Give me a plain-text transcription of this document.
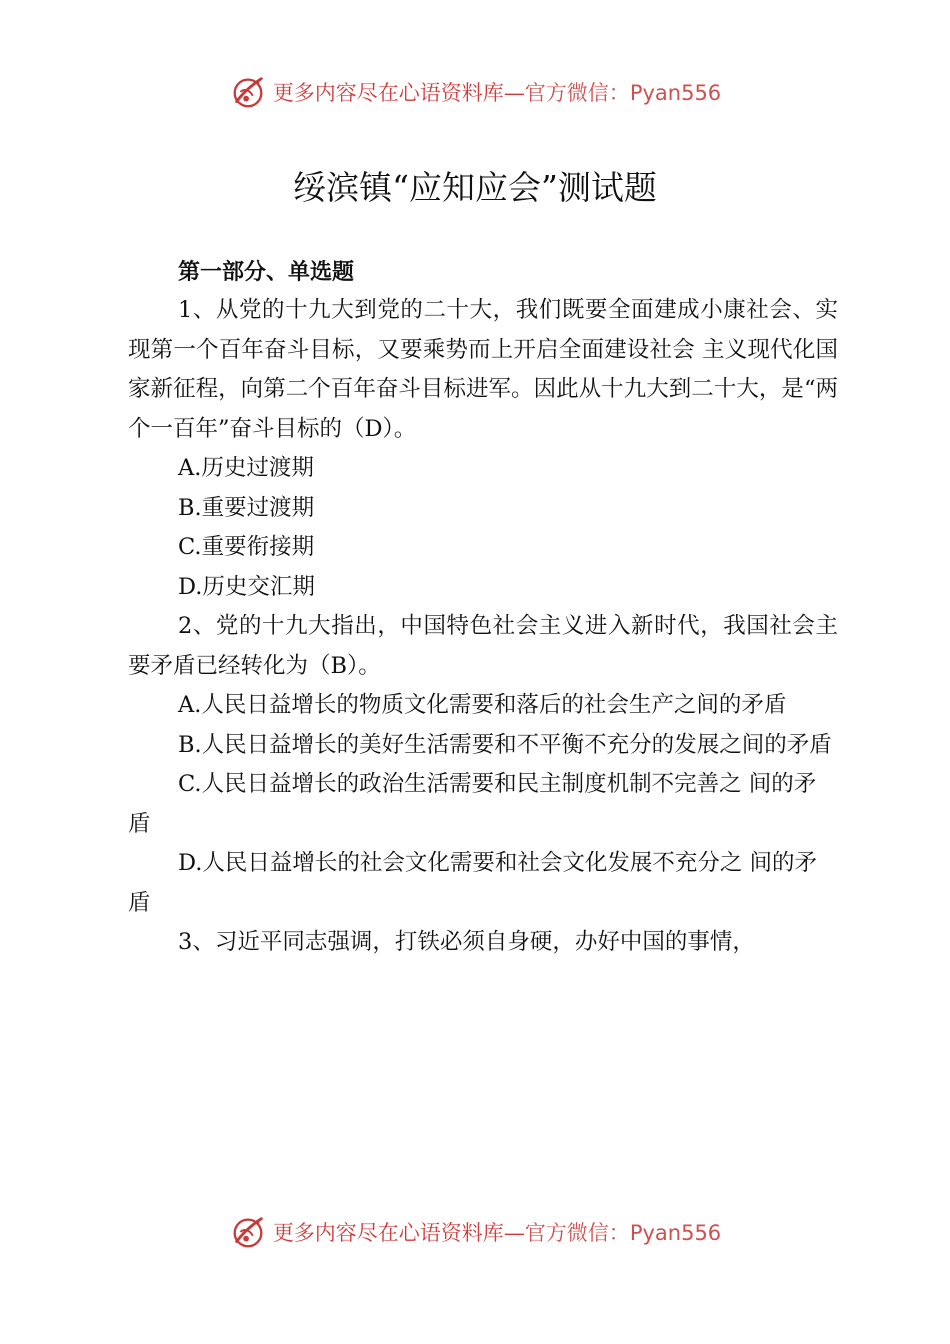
更多内容尽在心语资料库—官方微信：Pyan556
绥滨镇“应知应会”测试题

第一部分、单选题

1、从党的十九大到党的二十大，我们既要全面建成小康社会、实现第一个百年奋斗目标，又要乘势而上开启全面建设社会 主义现代化国家新征程，向第二个百年奋斗目标进军。因此从十九大到二十大，是“两个一百年”奋斗目标的（D）。

A.历史过渡期

B.重要过渡期

C.重要衔接期

D.历史交汇期

2、党的十九大指出，中国特色社会主义进入新时代，我国社会主要矛盾已经转化为（B）。

A.人民日益增长的物质文化需要和落后的社会生产之间的矛盾

B.人民日益增长的美好生活需要和不平衡不充分的发展之间的矛盾

C.人民日益增长的政治生活需要和民主制度机制不完善之 间的矛盾

D.人民日益增长的社会文化需要和社会文化发展不充分之 间的矛盾

3、习近平同志强调，打铁必须自身硬，办好中国的事情，

更多内容尽在心语资料库—官方微信：Pyan556
